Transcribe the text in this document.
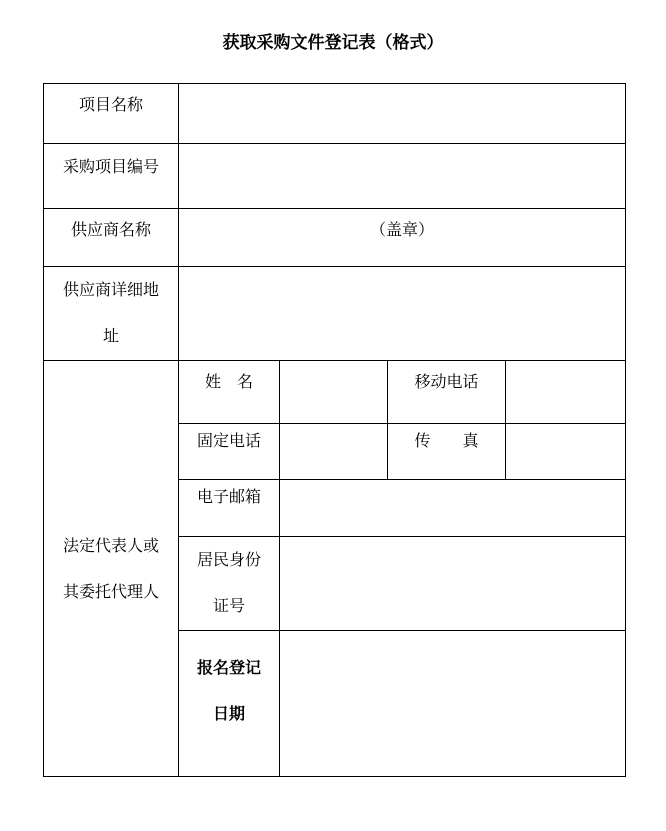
获取采购文件登记表（格式）
项目名称				
采购项目编号				
供应商名称	（盖章）			

供应商详细地
址				

法定代表人或
其委托代理人	姓　名		移动电话	
	固定电话		传　　真	
	电子邮箱			

	居民身份
证号			

	报名登记
日期			
